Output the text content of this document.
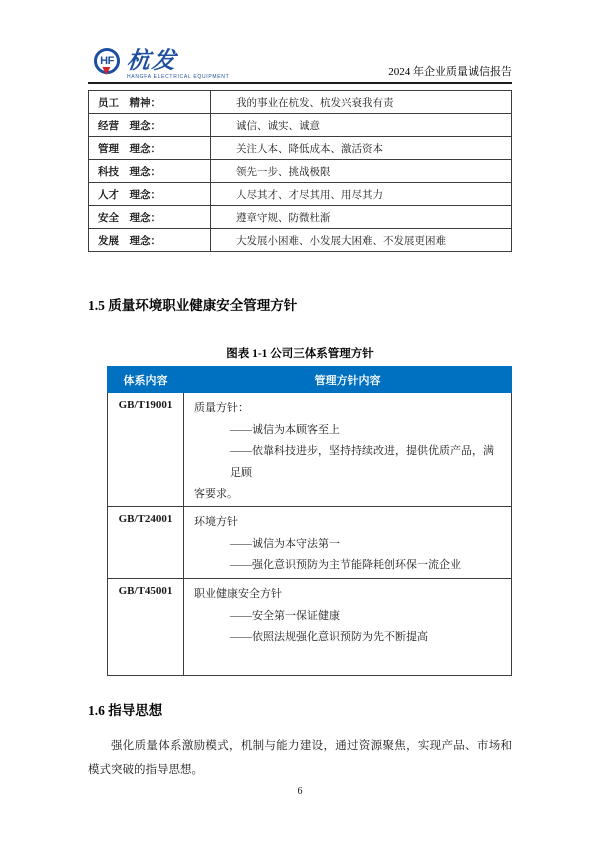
HF 杭发
HANGFA ELECTRICAL EQUIPMENT	2024 年企业质量诚信报告
员工　精神：	我的事业在杭发、杭发兴衰我有责
经营　理念：	诚信、诚实、诚意
管理　理念：	关注人本、降低成本、激活资本
科技　理念：	领先一步、挑战极限
人才　理念：	人尽其才、才尽其用、用尽其力
安全　理念：	遵章守规、防微杜渐
发展　理念：	大发展小困难、小发展大困难、不发展更困难
1.5 质量环境职业健康安全管理方针
图表 1-1 公司三体系管理方针
体系内容	管理方针内容
GB/T19001	质量方针：
——诚信为本顾客至上
——依靠科技进步，坚持持续改进，提供优质产品，满足顾
客要求。

GB/T24001	环境方针
——诚信为本守法第一
——强化意识预防为主节能降耗创环保一流企业

GB/T45001	职业健康安全方针
——安全第一保证健康
——依照法规强化意识预防为先不断提高
1.6 指导思想
强化质量体系激励模式，机制与能力建设，通过资源聚焦，实现产品、市场和模式突破的指导思想。
6
